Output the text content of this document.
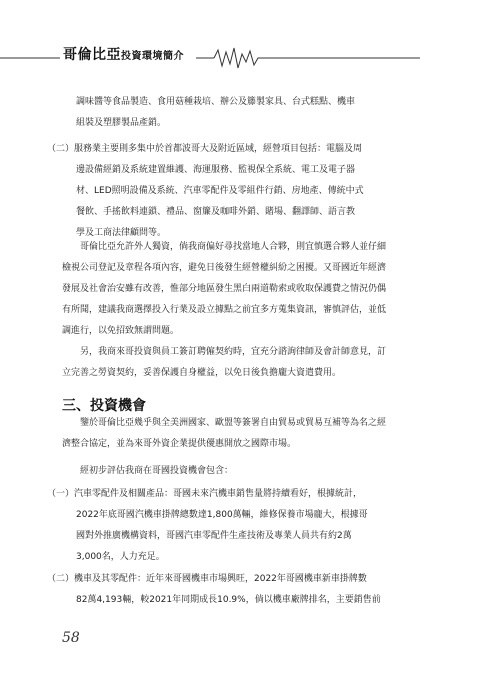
哥倫比亞投資環境簡介
調味醬等食品製造、食用菇種栽培、辦公及籐製家具、台式糕點、機車
組裝及塑膠製品產銷。
（二）服務業主要則多集中於首都波哥大及附近區域，經營項目包括：電腦及周
邊設備經銷及系統建置維護、海運服務、監視保全系統、電工及電子器
材、LED照明設備及系統、汽車零配件及零組件行銷、房地產、傳統中式
餐飲、手搖飲料連鎖、禮品、窗簾及咖啡外銷、賭場、翻譯師、語言教
學及工商法律顧問等。
哥倫比亞允許外人獨資，倘我商偏好尋找當地人合夥，則宜慎選合夥人並仔細
檢視公司登記及章程各項內容，避免日後發生經營權糾紛之困擾。又哥國近年經濟
發展及社會治安雖有改善，惟部分地區發生黑白兩道勒索或收取保護費之情況仍偶
有所聞，建議我商選擇投入行業及設立據點之前宜多方蒐集資訊，審慎評估，並低
調進行，以免招致無謂問題。
另，我商來哥投資與員工簽訂聘僱契約時，宜充分諮詢律師及會計師意見，訂
立完善之勞資契約，妥善保護自身權益，以免日後負擔龐大資遣費用。
三、投資機會
鑒於哥倫比亞幾乎與全美洲國家、歐盟等簽署自由貿易或貿易互補等為名之經
濟整合協定，並為來哥外資企業提供優惠開放之國際市場。
經初步評估我商在哥國投資機會包含：
（一）汽車零配件及相關產品：哥國未來汽機車銷售量將持續看好，根據統計，
2022年底哥國汽機車掛牌總數達1,800萬輛，維修保養市場龐大，根據哥
國對外推廣機構資料，哥國汽車零配件生產技術及專業人員共有約2萬
3,000名，人力充足。
（二）機車及其零配件：近年來哥國機車市場興旺，2022年哥國機車新車掛牌數
82萬4,193輛，較2021年同期成長10.9%，倘以機車廠牌排名，主要銷售前
58
